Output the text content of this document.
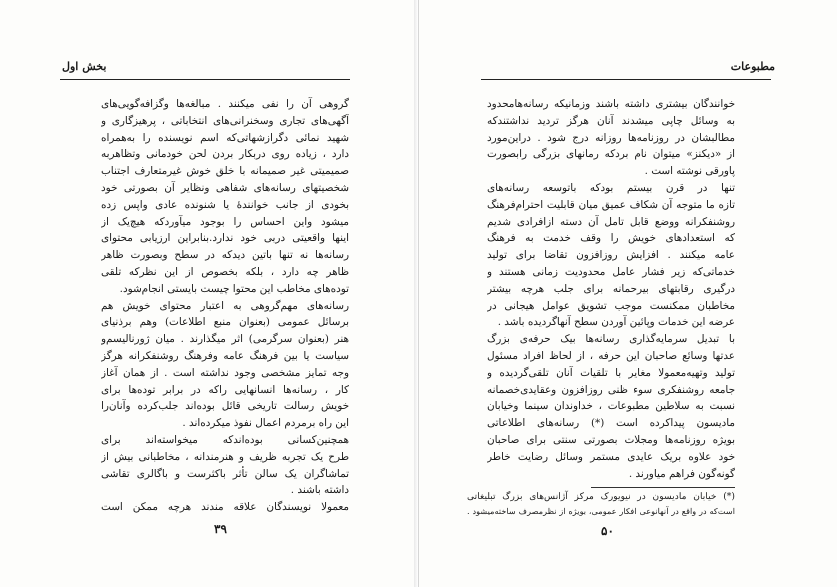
بخش اول
گروهی آن را نفی میکنند . مبالغه‌ها وگزافه‌گویی‌های
آگهی‌های تجاری وسخنرانی‌های انتخاباتی ، پرهیزگاری و
شهید نمائی دگرازشهاتی‌که اسم نویسنده را به‌همراه
دارد ، زیاده روی دربکار بردن لحن خودمانی وتظاهربه
صمیمیتی غیر صمیمانه با خلق خوش غیرمتعارف اجتناب
شخصیتهای رسانه‌های شفاهی ونظایر آن بصورتی خود
بخودی از جانب خوانندهٔ یا شنونده عادی واپس زده
میشود واین احساس را بوجود میآوردکه هیچ‌یک از
اینها واقعیتی دربی خود ندارد.بنابراین ارزیابی محتوای
رسانه‌ها نه تنها باتین دیدکه در سطح وبصورت ظاهر
ظاهر چه دارد ، بلکه بخصوص از این نظرکه تلقی
توده‌های مخاطب این محتوا چیست بایستی انجام‌شود.
رسانه‌های مهم‌گروهی به اعتبار محتوای خویش هم
برسائل عمومی (بعنوان منبع اطلاعات) وهم برذنیای
هنر (بعنوان سرگرمی) اثر میگذارند . میان ژورنالیسم‌و
سیاست یا بین فرهنگ عامه وفرهنگ روشنفکرانه هرگز
وجه تمایز مشخصی وجود نداشته است . از همان آغاز
کار ، رسانه‌ها انسانهایی راکه در برابر توده‌ها برای
خویش رسالت تاریخی قائل بوده‌اند جلب‌کرده وآنان‌را
این راه برمردم اعمال نفوذ میکرده‌اند .
همچنین‌کسانی بوده‌اندکه میخواسته‌اند برای
طرح یک تجربه ظریف و هنرمندانه ، مخاطبانی بیش از
تماشاگران یک سالن تأثر باکثرست و باگالری تقاشی
داشته باشند .
معمولا نویسندگان علاقه مندند هرچه ممکن است
۳۹
مطبوعات
خوانندگان بیشتری داشته باشند وزمانیکه رسانه‌هامحدود
به وسائل چاپی میشدند آنان هرگز تردید نداشتندکه
مطالبشان در روزنامه‌ها روزانه درج شود . دراین‌مورد
از «دیکنز» میتوان نام بردکه رمانهای بزرگی رابصورت
پاورقی نوشته است .
تنها در قرن بیستم بودکه باتوسعه رسانه‌های
تازه ما متوجه آن شکاف عمیق میان قابلیت احترام‌فرهنگ
روشنفکرانه ووضع قابل تامل آن دسته ازافرادی شدیم
که استعدادهای خویش را وقف خدمت به فرهنگ
عامه میکنند . افزایش روزافزون تقاضا برای تولید
خدماتی‌که زیر فشار عامل محدودیت زمانی هستند و
درگیری رقابتهای بیرحمانه برای جلب هرچه بیشتر
مخاطبان ممکنست موجب تشویق عوامل هیجانی در
عرضه این خدمات وپائین آوردن سطح آنهاگردیده باشد .
با تبدیل سرمایه‌گذاری رسانه‌ها بیک حرفه‌ی بزرگ
عدتها وسائع صاحبان این حرفه ، از لحاظ افراد مسئول
تولید وتهیه‌معمولا مغایر با تلقیات آنان تلقی‌گردیده و
جامعه روشنفکری سوء ظنی روزافزون وعقایدی‌خصمانه
نسبت به سلاطین مطبوعات ، خداوندان سینما وخیابان
مادیسون پیداکرده است (*) رسانه‌های اطلاعاتی
بویژه روزنامه‌ها ومجلات بصورتی سنتی برای صاحبان
خود علاوه بریک عایدی مستمر وسائل رضایت خاطر
گونه‌گون فراهم میاورند .
(*) خیابان مادیسون در نیویورک مرکز آژانس‌های بزرگ تبلیغاتی
است‌که در واقع در آنهانوعی افکار عمومی، بویژه از نظرمصرف ساخته‌میشود .
۵۰
